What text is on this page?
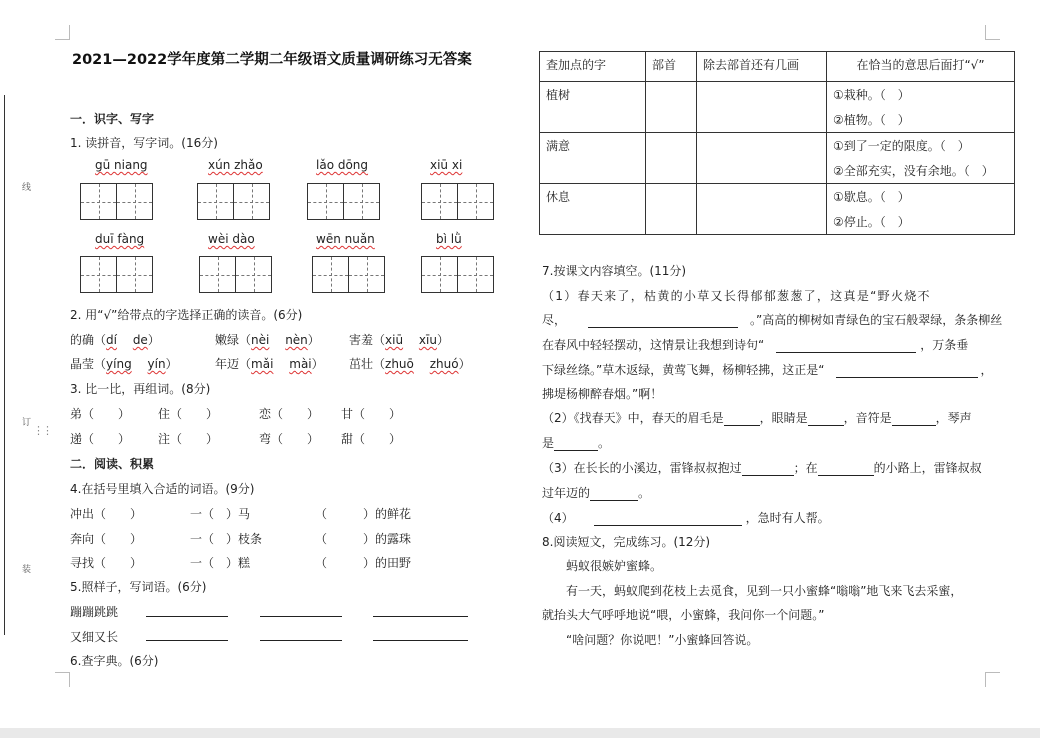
线
订
装
⋮⋮
2021—2022学年度第二学期二年级语文质量调研练习无答案
一．识字、写字
1. 读拼音，写字词。(16分)
gū niang	xún zhǎo	lǎo dōng	xiū xi
duī fàng	wèi dào	wēn nuǎn	bì lǜ
2. 用“√”给带点的字选择正确的读音。(6分)
的确（dí　 de）	嫩绿（nèi　 nèn） 害羞（xiū　 xīu）
晶莹（yíng　 yín）	年迈（mǎi　 mài） 茁壮（zhuō　 zhuó）
3. 比一比，再组词。(8分)
弟（　　） 住（　　）	恋（　　） 甘（　　）
递（　　） 注（　　）	弯（　　） 甜（　　）
二．阅读、积累
4.在括号里填入合适的词语。(9分)
冲出（　　）	一（　）马	（　　　）的鲜花
奔向（　　）	一（　）枝条	（　　　）的露珠
寻找（　　）	一（　）糕	（　　　）的田野
5.照样子，写词语。(6分)
蹦蹦跳跳
又细又长
6.查字典。(6分)
查加点的字	部首	除去部首还有几画	在恰当的意思后面打“√”
植树			①栽种。（　）
②植物。（　）

满意			①到了一定的限度。（　）
②全部充实，没有余地。（　）

休息			①歇息。（　）
②停止。（　）
7.按课文内容填空。(11分)
（1）春天来了，枯黄的小草又长得郁郁葱葱了，这真是“野火烧不
尽，	。”高高的柳树如青绿色的宝石般翠绿，条条柳丝
在春风中轻轻摆动，这情景让我想到诗句“	，万条垂
下绿丝绦。”草木返绿，黄莺飞舞，杨柳轻拂，这正是“	，
拂堤杨柳醉春烟。”啊！
（2）《找春天》中，春天的眉毛是	，眼睛是	，音符是	，琴声
是	。
（3）在长长的小溪边，雷锋叔叔抱过	；在	的小路上，雷锋叔叔
过年迈的	。
（4）	，急时有人帮。
8.阅读短文，完成练习。(12分)
蚂蚁很嫉妒蜜蜂。
有一天，蚂蚁爬到花枝上去觅食，见到一只小蜜蜂“嗡嗡”地飞来飞去采蜜，
就抬头大气呼呼地说“喂，小蜜蜂，我问你一个问题。”
“啥问题？你说吧！”小蜜蜂回答说。
